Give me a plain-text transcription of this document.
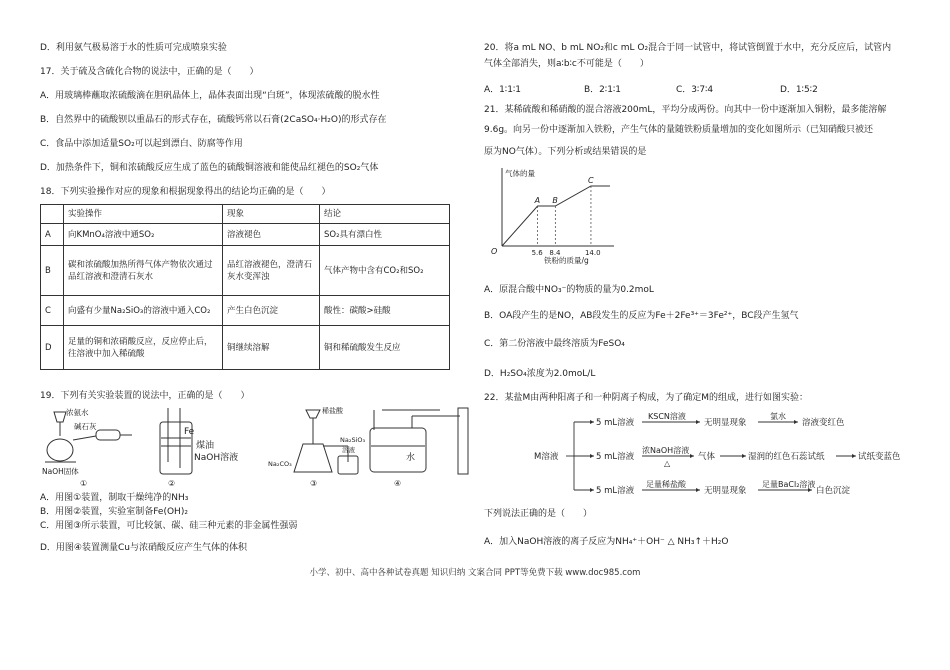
D．利用氨气极易溶于水的性质可完成喷泉实验
17．关于硫及含硫化合物的说法中，正确的是（　　）
A．用玻璃棒蘸取浓硫酸滴在胆矾晶体上，晶体表面出现“白斑”，体现浓硫酸的脱水性
B．自然界中的硫酸钡以重晶石的形式存在，硫酸钙常以石膏(2CaSO₄·H₂O)的形式存在
C．食品中添加适量SO₂可以起到漂白、防腐等作用
D．加热条件下，铜和浓硫酸反应生成了蓝色的硫酸铜溶液和能使品红褪色的SO₂气体
18．下列实验操作对应的现象和根据现象得出的结论均正确的是（　　）
	实验操作	现象	结论
A	向KMnO₄溶液中通SO₂	溶液褪色	SO₂具有漂白性
B	碳和浓硫酸加热所得气体产物依次通过品红溶液和澄清石灰水	品红溶液褪色，澄清石灰水变浑浊	气体产物中含有CO₂和SO₂
C	向盛有少量Na₂SiO₃的溶液中通入CO₂	产生白色沉淀	酸性：碳酸>硅酸
D	足量的铜和浓硝酸反应，反应停止后，往溶液中加入稀硫酸	铜继续溶解	铜和稀硫酸发生反应
19．下列有关实验装置的说法中，正确的是（　　）
浓氨水
碱石灰
NaOH固体
①
Fe
煤油
NaOH溶液
②
稀盐酸
Na₂CO₃
Na₂SiO₃
溶液
③
水
④
A．用图①装置，制取干燥纯净的NH₃
B．用图②装置，实验室制备Fe(OH)₂
C．用图③所示装置，可比较氯、碳、硅三种元素的非金属性强弱
D．用图④装置测量Cu与浓硝酸反应产生气体的体积
20．将a mL NO、b mL NO₂和c mL O₂混合于同一试管中，将试管倒置于水中，充分反应后，试管内
气体全部消失，则a∶b∶c不可能是（　　）
A．1∶1∶1	B．2∶1∶1	C．3∶7∶4	D．1∶5∶2
21．某稀硫酸和稀硝酸的混合溶液200mL，平均分成两份。向其中一份中逐渐加入铜粉，最多能溶解
9.6g。向另一份中逐渐加入铁粉，产生气体的量随铁粉质量增加的变化如图所示（已知硝酸只被还
原为NO气体）。下列分析或结果错误的是
气体的量
铁粉的质量/g
O
A B
C
5.6 8.4	14.0
A．原混合酸中NO₃⁻的物质的量为0.2moL
B．OA段产生的是NO，AB段发生的反应为Fe＋2Fe³⁺＝3Fe²⁺，BC段产生氢气
C．第二份溶液中最终溶质为FeSO₄
D．H₂SO₄浓度为2.0moL/L
22．某盐M由两种阳离子和一种阴离子构成，为了确定M的组成，进行如图实验：
M溶液
5 mL溶液
5 mL溶液
5 mL溶液
KSCN溶液
无明显现象
氯水
溶液变红色
浓NaOH溶液
△
气体	湿润的红色石蕊试纸	试纸变蓝色
足量稀盐酸
无明显现象
足量BaCl₂溶液
白色沉淀
下列说法正确的是（　　）
A．加入NaOH溶液的离子反应为NH₄⁺＋OH⁻ △ NH₃↑＋H₂O
小学、初中、高中各种试卷真题 知识归纳 文案合同 PPT等免费下载 www.doc985.com
